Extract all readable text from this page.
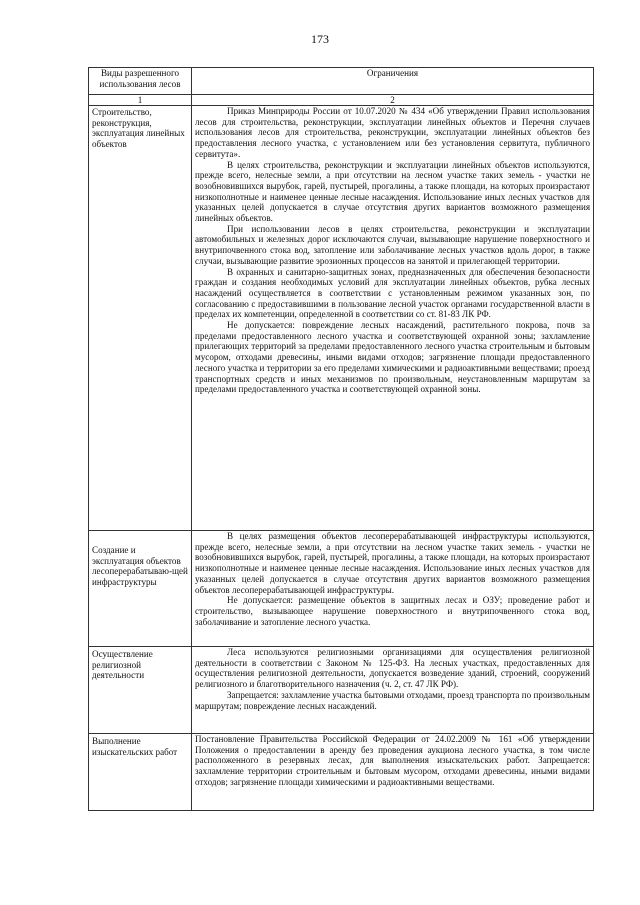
173
Виды разрешенного использования лесов	Ограничения
1	2
Строительство, реконструкция, эксплуатация линейных объектов	Приказ Минприроды России от 10.07.2020 № 434 «Об утверждении Правил использования лесов для строительства, реконструкции, эксплуатации линейных объектов и Перечня случаев использования лесов для строительства, реконструкции, эксплуатации линейных объектов без предоставления лесного участка, с установлением или без установления сервитута, публичного сервитута».

В целях строительства, реконструкции и эксплуатации линейных объектов используются, прежде всего, нелесные земли, а при отсутствии на лесном участке таких земель - участки не возобновившихся вырубок, гарей, пустырей, прогалины, а также площади, на которых произрастают низкополнотные и наименее ценные лесные насаждения. Использование иных лесных участков для указанных целей допускается в случае отсутствия других вариантов возможного размещения линейных объектов.

При использовании лесов в целях строительства, реконструкции и эксплуатации автомобильных и железных дорог исключаются случаи, вызывающие нарушение поверхностного и внутрипочвенного стока вод, затопление или заболачивание лесных участков вдоль дорог, в также случаи, вызывающие развитие эрозионных процессов на занятой и прилегающей территории.

В охранных и санитарно-защитных зонах, предназначенных для обеспечения безопасности граждан и создания необходимых условий для эксплуатации линейных объектов, рубка лесных насаждений осуществляется в соответствии с установленным режимом указанных зон, по согласованию с предоставившими в пользование лесной участок органами государственной власти в пределах их компетенции, определенной в соответствии со ст. 81-83 ЛК РФ.

Не допускается: повреждение лесных насаждений, растительного покрова, почв за пределами предоставленного лесного участка и соответствующей охранной зоны; захламление прилегающих территорий за пределами предоставленного лесного участка строительным и бытовым мусором, отходами древесины, иными видами отходов; загрязнение площади предоставленного лесного участка и территории за его пределами химическими и радиоактивными веществами; проезд транспортных средств и иных механизмов по произвольным, неустановленным маршрутам за пределами предоставленного участка и соответствующей охранной зоны.

Создание и эксплуатация объектов лесоперерабатываю-щей инфраструктуры	В целях размещения объектов лесоперерабатывающей инфраструктуры используются, прежде всего, нелесные земли, а при отсутствии на лесном участке таких земель - участки не возобновившихся вырубок, гарей, пустырей, прогалины, а также площади, на которых произрастают низкополнотные и наименее ценные лесные насаждения. Использование иных лесных участков для указанных целей допускается в случае отсутствия других вариантов возможного размещения объектов лесоперерабатывающей инфраструктуры.

Не допускается: размещение объектов в защитных лесах и ОЗУ; проведение работ и строительство, вызывающее нарушение поверхностного и внутрипочвенного стока вод, заболачивание и затопление лесного участка.

Осуществление религиозной деятельности	Леса используются религиозными организациями для осуществления религиозной деятельности в соответствии с Законом № 125-ФЗ. На лесных участках, предоставленных для осуществления религиозной деятельности, допускается возведение зданий, строений, сооружений религиозного и благотворительного назначения (ч. 2, ст. 47 ЛК РФ).

Запрещается: захламление участка бытовыми отходами, проезд транспорта по произвольным маршрутам; повреждение лесных насаждений.

Выполнение изыскательских работ	Постановление Правительства Российской Федерации от 24.02.2009 № 161 «Об утверждении Положения о предоставлении в аренду без проведения аукциона лесного участка, в том числе расположенного в резервных лесах, для выполнения изыскательских работ. Запрещается: захламление территории строительным и бытовым мусором, отходами древесины, иными видами отходов; загрязнение площади химическими и радиоактивными веществами.
